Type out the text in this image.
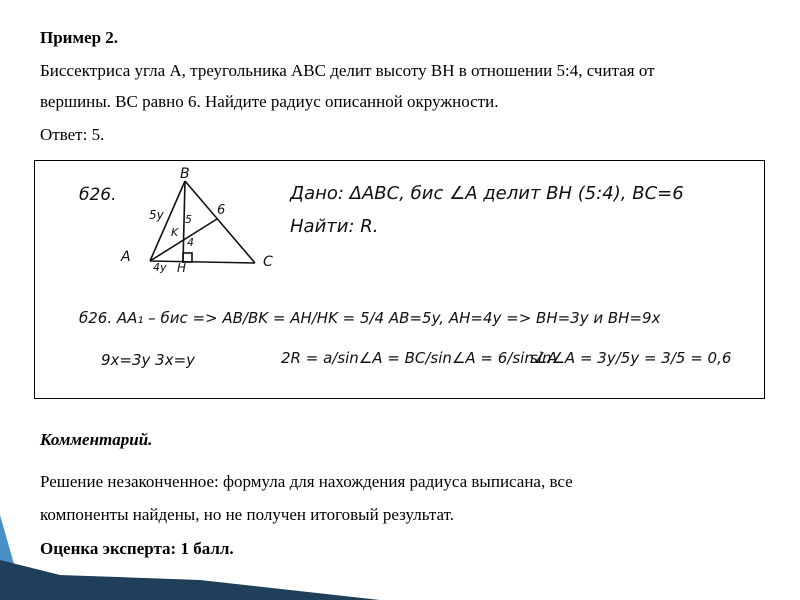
Пример 2.
Биссектриса угла A, треугольника ABC делит высоту BH в отношении 5:4, считая от
вершины. BC равно 6. Найдите радиус описанной окружности.
Ответ: 5.
б26.
B
A	C
H
K
5y 5
4
4y
6
Дано: ΔABC, бис ∠A делит BH (5:4), BC=6
Найти: R.
б26. AA₁ – бис => AB/BK = AH/HK = 5/4 AB=5y, AH=4y => BH=3y и BH=9x
9x=3y 3x=y	2R = a/sin∠A = BC/sin∠A = 6/sin∠A
sin∠A = 3y/5y = 3/5 = 0,6
Комментарий.
Решение незаконченное: формула для нахождения радиуса выписана, все
компоненты найдены, но не получен итоговый результат.
Оценка эксперта: 1 балл.
